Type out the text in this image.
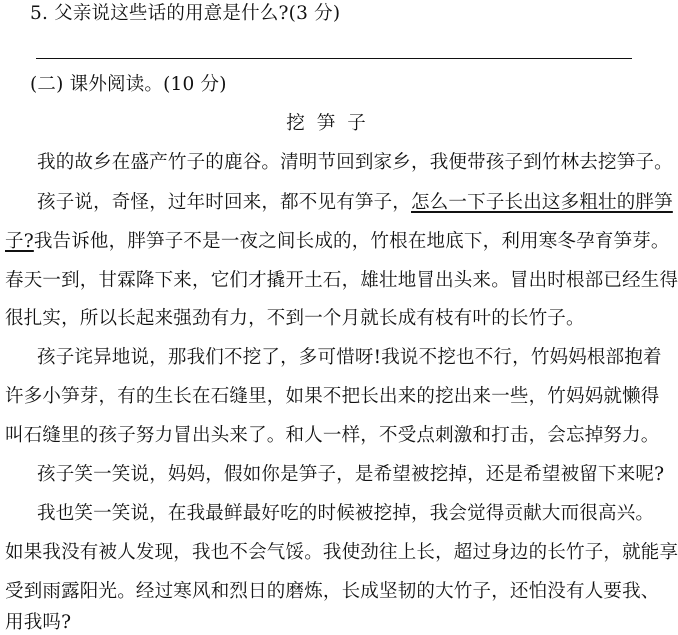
5. 父亲说这些话的用意是什么?(3 分)
(二) 课外阅读。(10 分)
挖笋子
我的故乡在盛产竹子的鹿谷。清明节回到家乡，我便带孩子到竹林去挖笋子。
孩子说，奇怪，过年时回来，都不见有笋子，怎么一下子长出这多粗壮的胖笋
子?我告诉他，胖笋子不是一夜之间长成的，竹根在地底下，利用寒冬孕育笋芽。
春天一到，甘霖降下来，它们才撬开土石，雄壮地冒出头来。冒出时根部已经生得
很扎实，所以长起来强劲有力，不到一个月就长成有枝有叶的长竹子。
孩子诧异地说，那我们不挖了，多可惜呀!我说不挖也不行，竹妈妈根部抱着
许多小笋芽，有的生长在石缝里，如果不把长出来的挖出来一些，竹妈妈就懒得
叫石缝里的孩子努力冒出头来了。和人一样，不受点刺激和打击，会忘掉努力。
孩子笑一笑说，妈妈，假如你是笋子，是希望被挖掉，还是希望被留下来呢?
我也笑一笑说，在我最鲜最好吃的时候被挖掉，我会觉得贡献大而很高兴。
如果我没有被人发现，我也不会气馁。我使劲往上长，超过身边的长竹子，就能享
受到雨露阳光。经过寒风和烈日的磨炼，长成坚韧的大竹子，还怕没有人要我、
用我吗?
